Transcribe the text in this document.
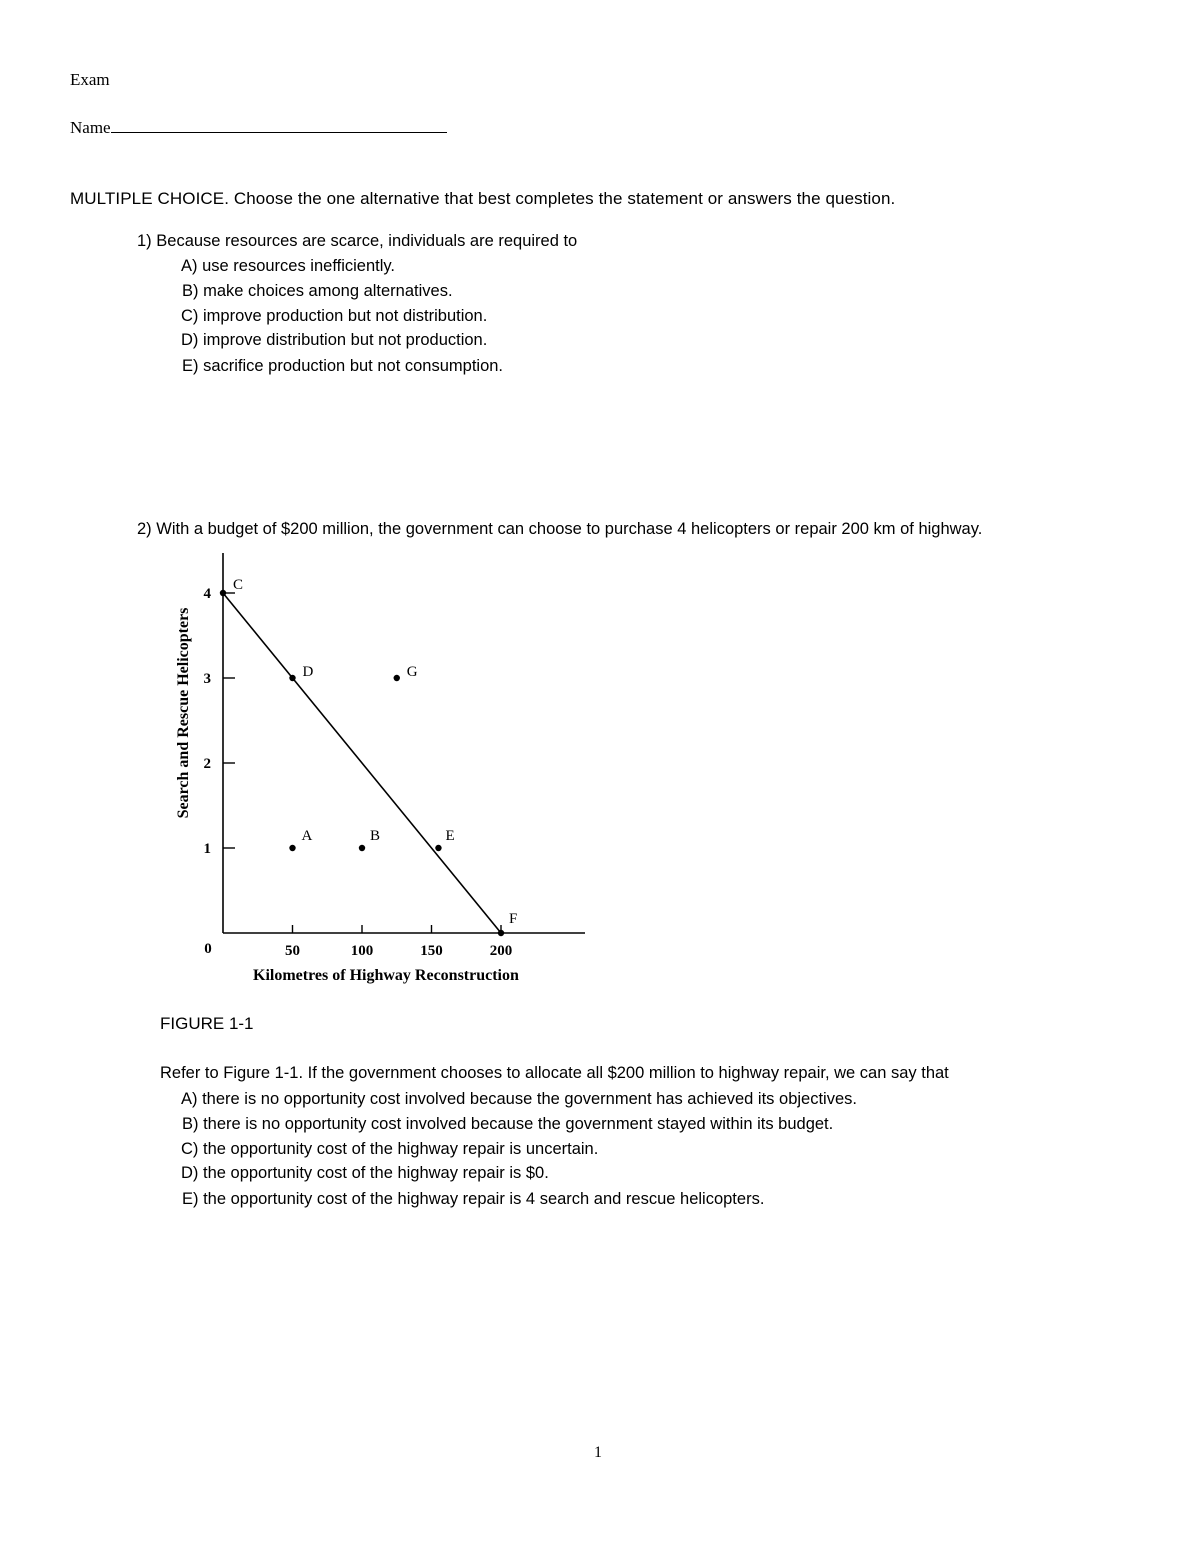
Exam
Name
MULTIPLE CHOICE. Choose the one alternative that best completes the statement or answers the question.
1) Because resources are scarce, individuals are required to
A) use resources inefficiently.
B) make choices among alternatives.
C) improve production but not distribution.
D) improve distribution but not production.
E) sacrifice production but not consumption.
2) With a budget of $200 million, the government can choose to purchase 4 helicopters or repair 200 km of highway.
1
2
3
4
50	100	150	200
0
Kilometres of Highway Reconstruction
Search and Rescue Helicopters
C
D	G
A	B	E
F
FIGURE 1-1
Refer to Figure 1-1. If the government chooses to allocate all $200 million to highway repair, we can say that
A) there is no opportunity cost involved because the government has achieved its objectives.
B) there is no opportunity cost involved because the government stayed within its budget.
C) the opportunity cost of the highway repair is uncertain.
D) the opportunity cost of the highway repair is $0.
E) the opportunity cost of the highway repair is 4 search and rescue helicopters.
1
